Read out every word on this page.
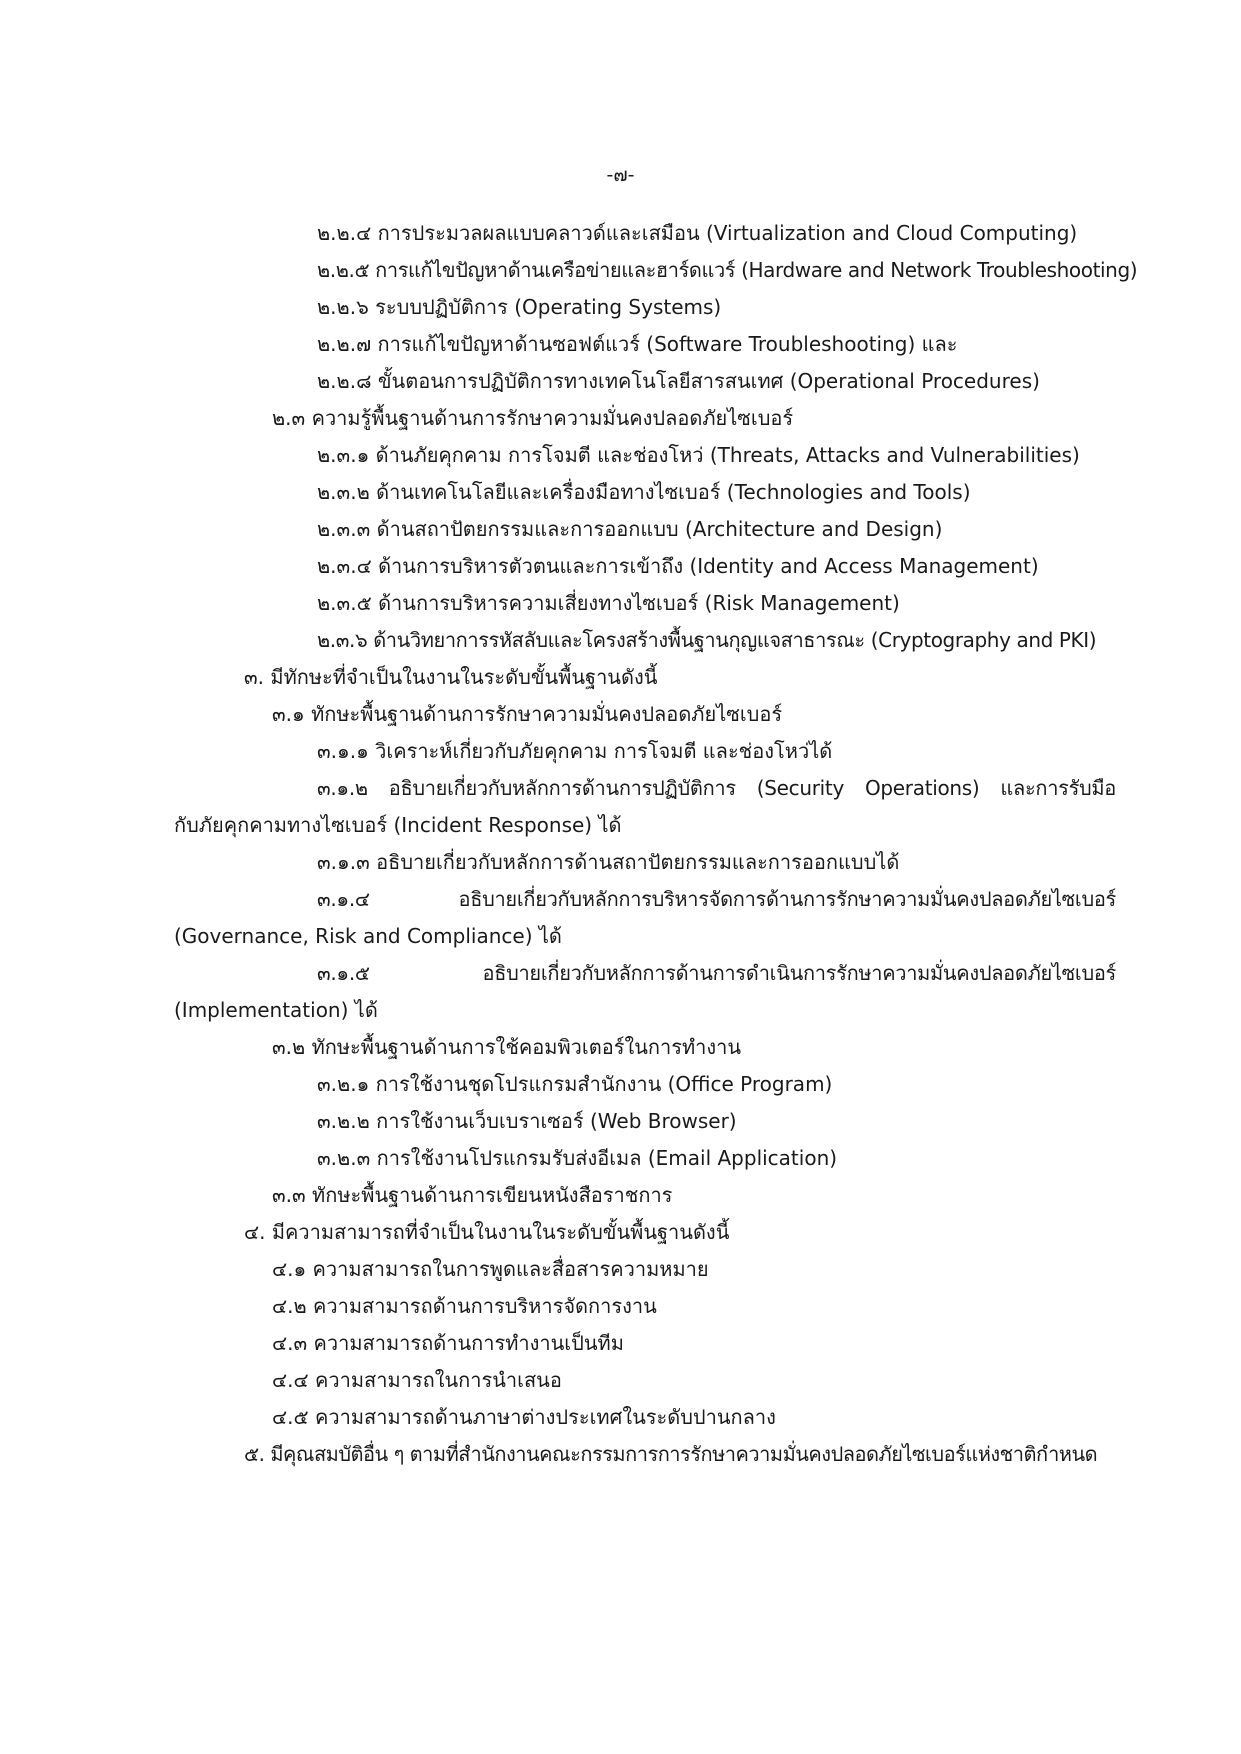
-๗-
๒.๒.๔ การประมวลผลแบบคลาวด์และเสมือน (Virtualization and Cloud Computing)
๒.๒.๕ การแก้ไขปัญหาด้านเครือข่ายและฮาร์ดแวร์ (Hardware and Network Troubleshooting)
๒.๒.๖ ระบบปฏิบัติการ (Operating Systems)
๒.๒.๗ การแก้ไขปัญหาด้านซอฟต์แวร์ (Software Troubleshooting) และ
๒.๒.๘ ขั้นตอนการปฏิบัติการทางเทคโนโลยีสารสนเทศ (Operational Procedures)
๒.๓ ความรู้พื้นฐานด้านการรักษาความมั่นคงปลอดภัยไซเบอร์
๒.๓.๑ ด้านภัยคุกคาม การโจมตี และช่องโหว่ (Threats, Attacks and Vulnerabilities)
๒.๓.๒ ด้านเทคโนโลยีและเครื่องมือทางไซเบอร์ (Technologies and Tools)
๒.๓.๓ ด้านสถาปัตยกรรมและการออกแบบ (Architecture and Design)
๒.๓.๔ ด้านการบริหารตัวตนและการเข้าถึง (Identity and Access Management)
๒.๓.๕ ด้านการบริหารความเสี่ยงทางไซเบอร์ (Risk Management)
๒.๓.๖ ด้านวิทยาการรหัสลับและโครงสร้างพื้นฐานกุญแจสาธารณะ (Cryptography and PKI)
๓. มีทักษะที่จำเป็นในงานในระดับขั้นพื้นฐานดังนี้
๓.๑ ทักษะพื้นฐานด้านการรักษาความมั่นคงปลอดภัยไซเบอร์
๓.๑.๑ วิเคราะห์เกี่ยวกับภัยคุกคาม การโจมตี และช่องโหว่ได้
๓.๑.๒ อธิบายเกี่ยวกับหลักการด้านการปฏิบัติการ (Security Operations) และการรับมือ
กับภัยคุกคามทางไซเบอร์ (Incident Response) ได้
๓.๑.๓ อธิบายเกี่ยวกับหลักการด้านสถาปัตยกรรมและการออกแบบได้
๓.๑.๔ อธิบายเกี่ยวกับหลักการบริหารจัดการด้านการรักษาความมั่นคงปลอดภัยไซเบอร์
(Governance, Risk and Compliance) ได้
๓.๑.๕ อธิบายเกี่ยวกับหลักการด้านการดำเนินการรักษาความมั่นคงปลอดภัยไซเบอร์
(Implementation) ได้
๓.๒ ทักษะพื้นฐานด้านการใช้คอมพิวเตอร์ในการทำงาน
๓.๒.๑ การใช้งานชุดโปรแกรมสำนักงาน (Office Program)
๓.๒.๒ การใช้งานเว็บเบราเซอร์ (Web Browser)
๓.๒.๓ การใช้งานโปรแกรมรับส่งอีเมล (Email Application)
๓.๓ ทักษะพื้นฐานด้านการเขียนหนังสือราชการ
๔. มีความสามารถที่จำเป็นในงานในระดับขั้นพื้นฐานดังนี้
๔.๑ ความสามารถในการพูดและสื่อสารความหมาย
๔.๒ ความสามารถด้านการบริหารจัดการงาน
๔.๓ ความสามารถด้านการทำงานเป็นทีม
๔.๔ ความสามารถในการนำเสนอ
๔.๕ ความสามารถด้านภาษาต่างประเทศในระดับปานกลาง
๕. มีคุณสมบัติอื่น ๆ ตามที่สำนักงานคณะกรรมการการรักษาความมั่นคงปลอดภัยไซเบอร์แห่งชาติกำหนด
